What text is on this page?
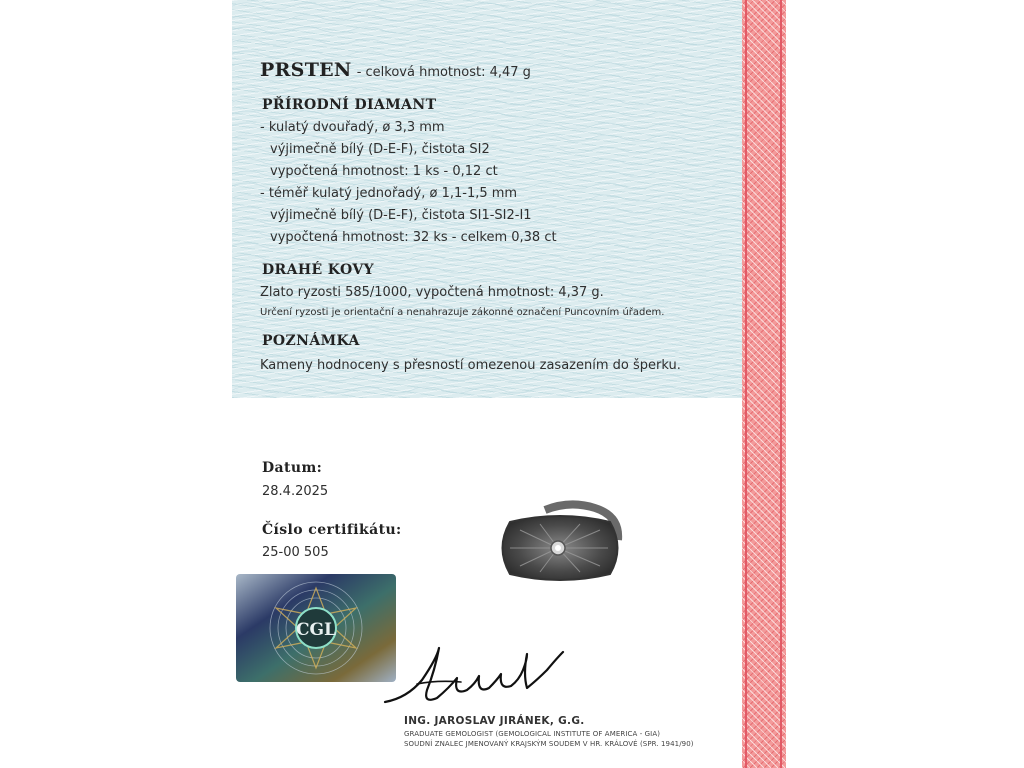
PRSTEN - celková hmotnost: 4,47 g
PŘÍRODNÍ DIAMANT
- kulatý dvouřadý, ø 3,3 mm
výjimečně bílý (D-E-F), čistota SI2
vypočtená hmotnost: 1 ks - 0,12 ct
- téměř kulatý jednořadý, ø 1,1-1,5 mm
výjimečně bílý (D-E-F), čistota SI1-SI2-I1
vypočtená hmotnost: 32 ks - celkem 0,38 ct
DRAHÉ KOVY
Zlato ryzosti 585/1000, vypočtená hmotnost: 4,37 g.
Určení ryzosti je orientační a nenahrazuje zákonné označení Puncovním úřadem.
POZNÁMKA
Kameny hodnoceny s přesností omezenou zasazením do šperku.
Datum:
28.4.2025
Číslo certifikátu:
25-00 505
CGL
ING. JAROSLAV JIRÁNEK, G.G.
GRADUATE GEMOLOGIST (GEMOLOGICAL INSTITUTE OF AMERICA - GIA)
SOUDNÍ ZNALEC JMENOVANÝ KRAJSKÝM SOUDEM V HR. KRÁLOVÉ (SPR. 1941/90)
